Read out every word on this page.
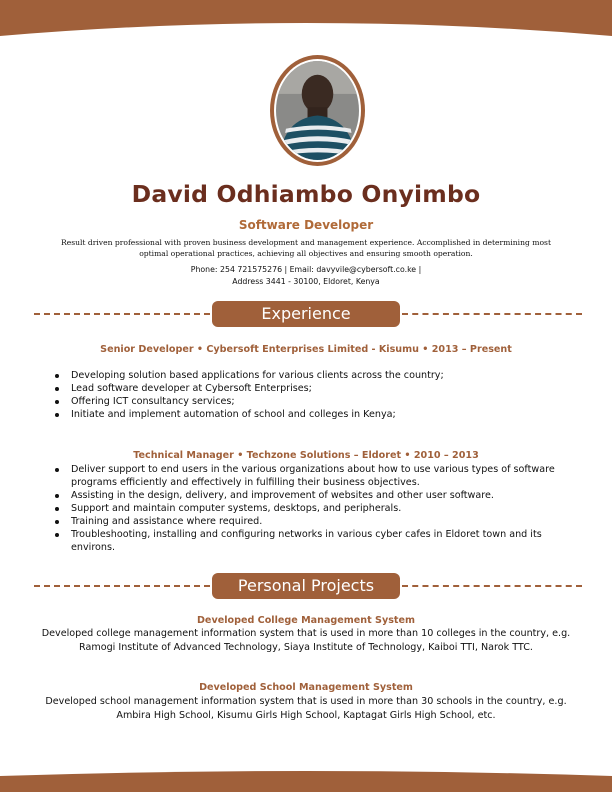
David Odhiambo Onyimbo
Software Developer
Result driven professional with proven business development and management experience. Accomplished in determining most
optimal operational practices, achieving all objectives and ensuring smooth operation.
Phone: 254 721575276 | Email: davyvile@cybersoft.co.ke |
Address 3441 - 30100, Eldoret, Kenya
Experience
Senior Developer • Cybersoft Enterprises Limited - Kisumu • 2013 – Present
Developing solution based applications for various clients across the country;
Lead software developer at Cybersoft Enterprises;
Offering ICT consultancy services;
Initiate and implement automation of school and colleges in Kenya;
Technical Manager • Techzone Solutions – Eldoret • 2010 – 2013
Deliver support to end users in the various organizations about how to use various types of software programs efficiently and effectively in fulfilling their business objectives.
Assisting in the design, delivery, and improvement of websites and other user software.
Support and maintain computer systems, desktops, and peripherals.
Training and assistance where required.
Troubleshooting, installing and configuring networks in various cyber cafes in Eldoret town and its environs.
Personal Projects
Developed College Management System
Developed college management information system that is used in more than 10 colleges in the country, e.g. Ramogi Institute of Advanced Technology, Siaya Institute of Technology, Kaiboi TTI, Narok TTC.
Developed School Management System
Developed school management information system that is used in more than 30 schools in the country, e.g. Ambira High School, Kisumu Girls High School, Kaptagat Girls High School, etc.
